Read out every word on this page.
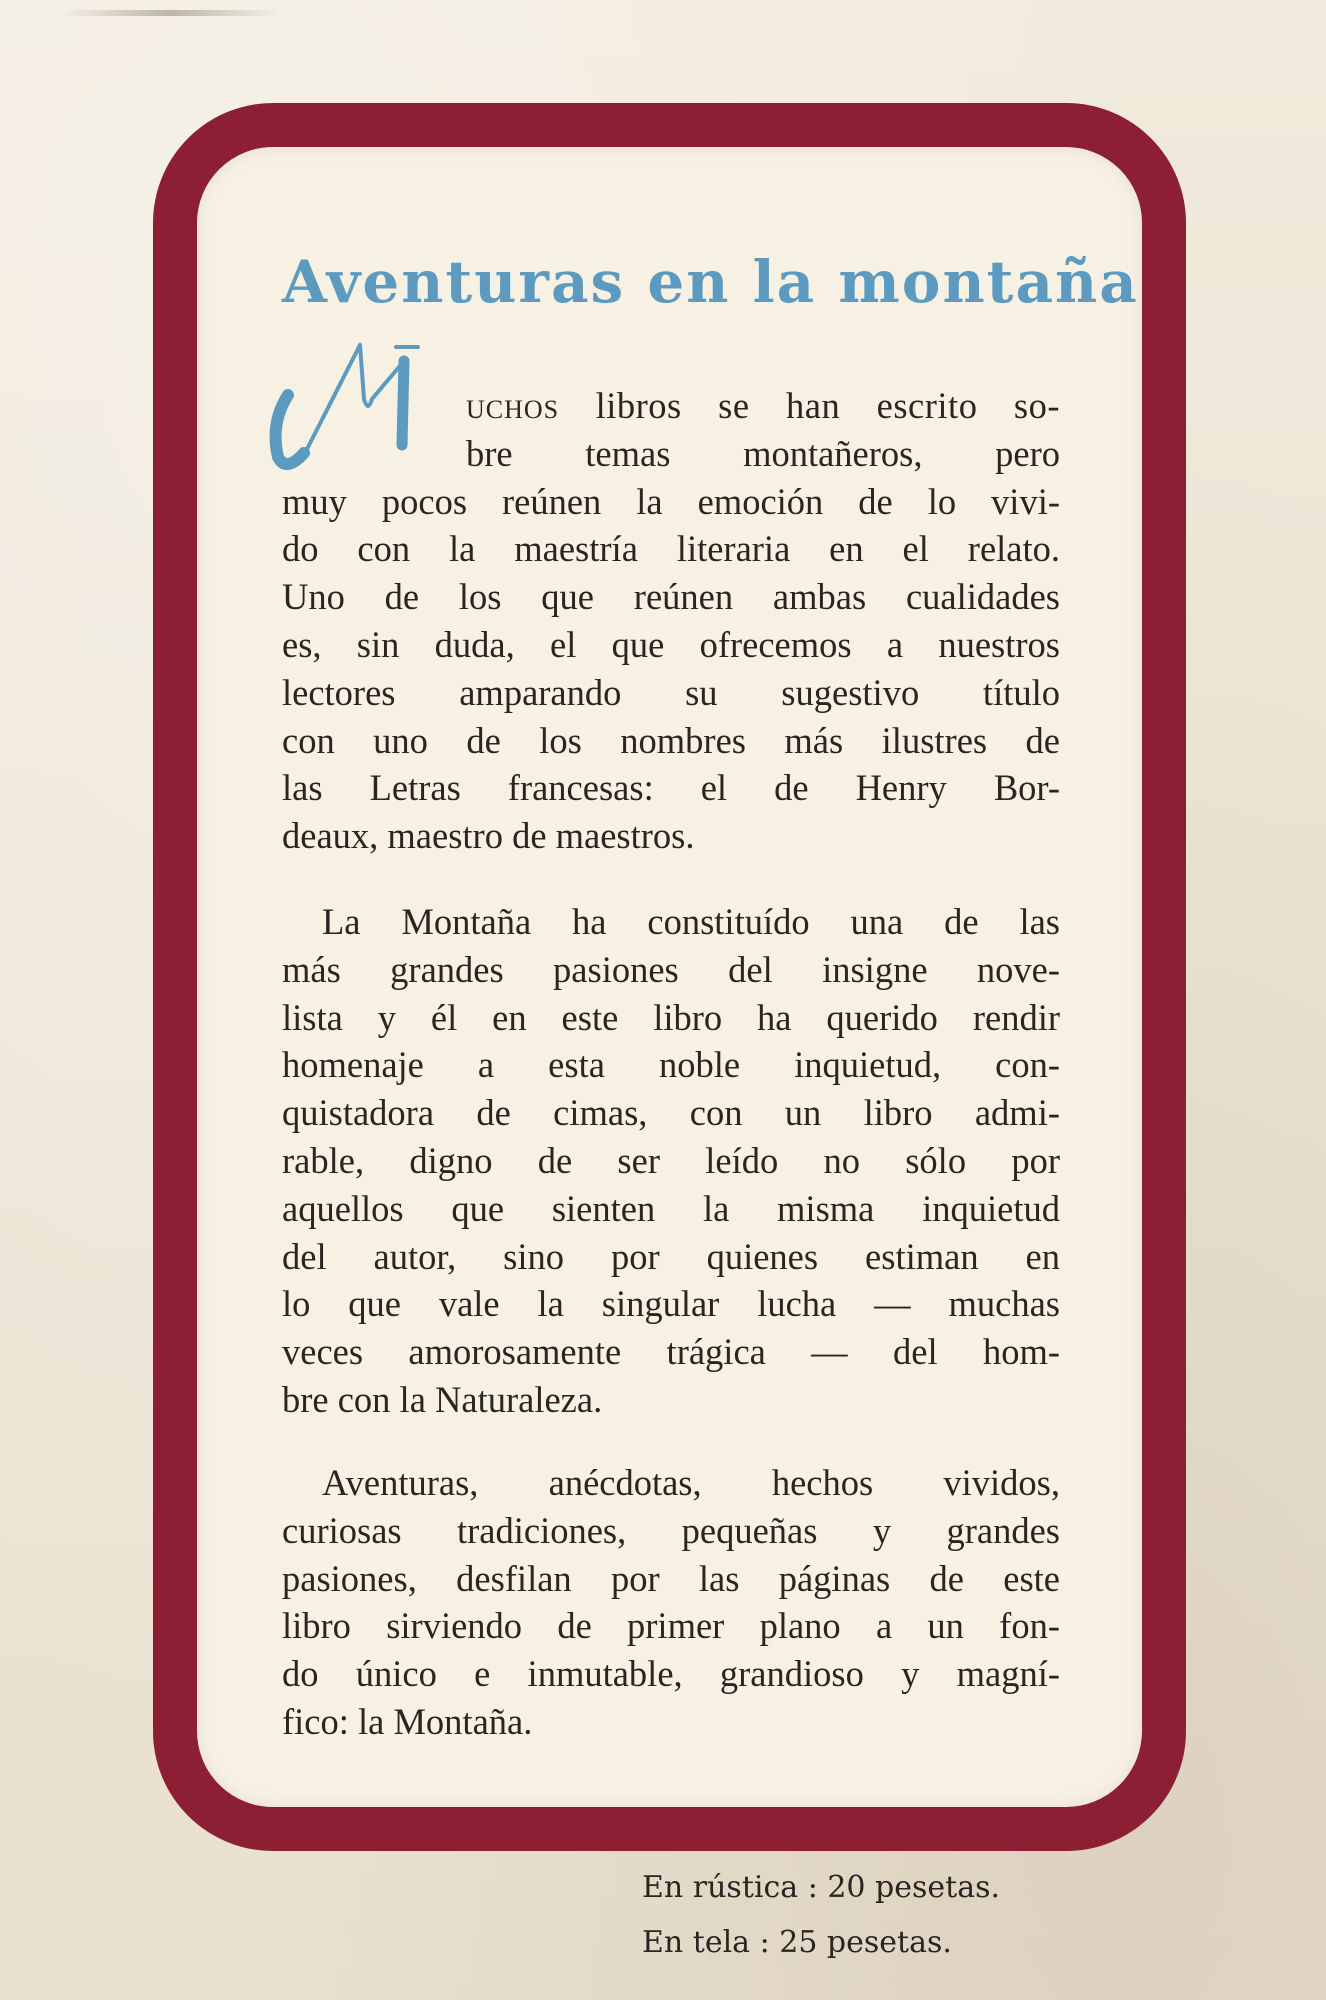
Aventuras en la montaña

uchos libros se han escrito so-
bre temas montañeros, pero
muy pocos reúnen la emoción de lo vivi-
do con la maestría literaria en el relato.
Uno de los que reúnen ambas cualidades
es, sin duda, el que ofrecemos a nuestros
lectores amparando su sugestivo título
con uno de los nombres más ilustres de
las Letras francesas: el de Henry Bor-
deaux, maestro de maestros.

La Montaña ha constituído una de las
más grandes pasiones del insigne nove-
lista y él en este libro ha querido rendir
homenaje a esta noble inquietud, con-
quistadora de cimas, con un libro admi-
rable, digno de ser leído no sólo por
aquellos que sienten la misma inquietud
del autor, sino por quienes estiman en
lo que vale la singular lucha — muchas
veces amorosamente trágica — del hom-
bre con la Naturaleza.

Aventuras, anécdotas, hechos vividos,
curiosas tradiciones, pequeñas y grandes
pasiones, desfilan por las páginas de este
libro sirviendo de primer plano a un fon-
do único e inmutable, grandioso y magní-
fico: la Montaña.

En rústica : 20 pesetas.
En tela : 25 pesetas.
